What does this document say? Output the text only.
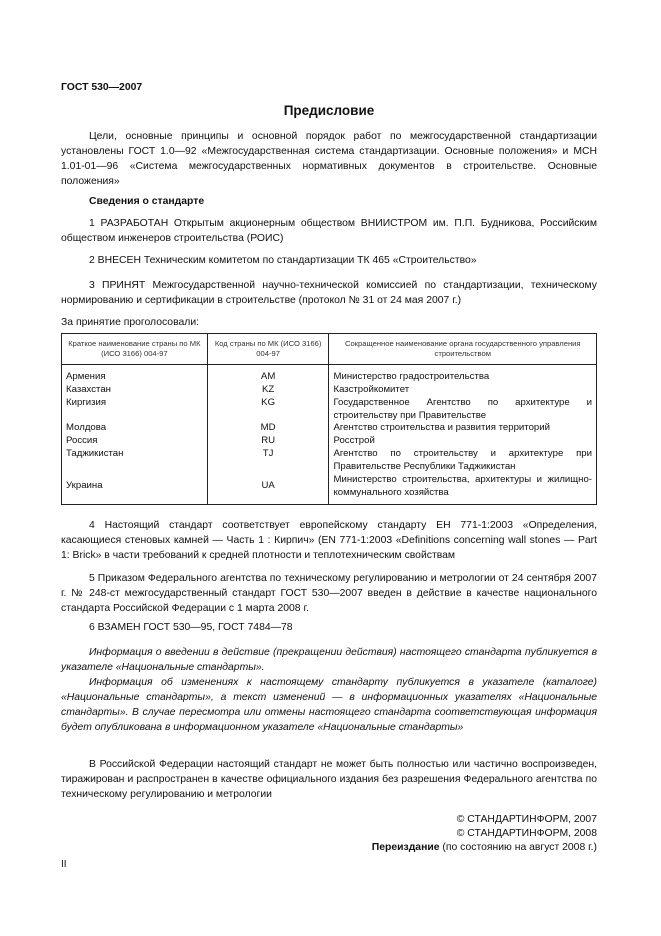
ГОСТ 530—2007
Предисловие
Цели, основные принципы и основной порядок работ по межгосударственной стандартизации установлены ГОСТ 1.0—92 «Межгосударственная система стандартизации. Основные положения» и МСН 1.01-01—96 «Система межгосударственных нормативных документов в строительстве. Основные положения»
Сведения о стандарте
1 РАЗРАБОТАН Открытым акционерным обществом ВНИИСТРОМ им. П.П. Будникова, Российским обществом инженеров строительства (РОИС)
2 ВНЕСЕН Техническим комитетом по стандартизации ТК 465 «Строительство»
3 ПРИНЯТ Межгосударственной научно-технической комиссией по стандартизации, техническому нормированию и сертификации в строительстве (протокол № 31 от 24 мая 2007 г.)
За принятие проголосовали:
Краткое наименование страны по МК (ИСО 3166) 004-97	Код страны по МК (ИСО 3166) 004-97	Сокращенное наименование органа государственного управления строительством
Армения	AM	Министерство градостроительства
Казахстан	KZ	Казстройкомитет
Киргизия	KG	Государственное Агентство по архитектуре и строительству при Правительстве
Молдова	MD	Агентство строительства и развития территорий
Россия	RU	Росстрой
Таджикистан	TJ	Агентство по строительству и архитектуре при Правительстве Республики Таджикистан
Украина	UA	Министерство строительства, архитектуры и жилищно-коммунального хозяйства
4 Настоящий стандарт соответствует европейскому стандарту ЕН 771-1:2003 «Определения, касающиеся стеновых камней — Часть 1 : Кирпич» (EN 771-1:2003 «Definitions concerning wall stones — Part 1: Brick» в части требований к средней плотности и теплотехническим свойствам
5 Приказом Федерального агентства по техническому регулированию и метрологии от 24 сентября 2007 г. № 248-ст межгосударственный стандарт ГОСТ 530—2007 введен в действие в качестве национального стандарта Российской Федерации с 1 марта 2008 г.
6 ВЗАМЕН ГОСТ 530—95, ГОСТ 7484—78
Информация о введении в действие (прекращении действия) настоящего стандарта публикуется в указателе «Национальные стандарты».
Информация об изменениях к настоящему стандарту публикуется в указателе (каталоге) «Национальные стандарты», а текст изменений — в информационных указателях «Национальные стандарты». В случае пересмотра или отмены настоящего стандарта соответствующая информация будет опубликована в информационном указателе «Национальные стандарты»
В Российской Федерации настоящий стандарт не может быть полностью или частично воспроизведен, тиражирован и распространен в качестве официального издания без разрешения Федерального агентства по техническому регулированию и метрологии
© СТАНДАРТИНФОРМ, 2007
© СТАНДАРТИНФОРМ, 2008
Переиздание (по состоянию на август 2008 г.)
II
